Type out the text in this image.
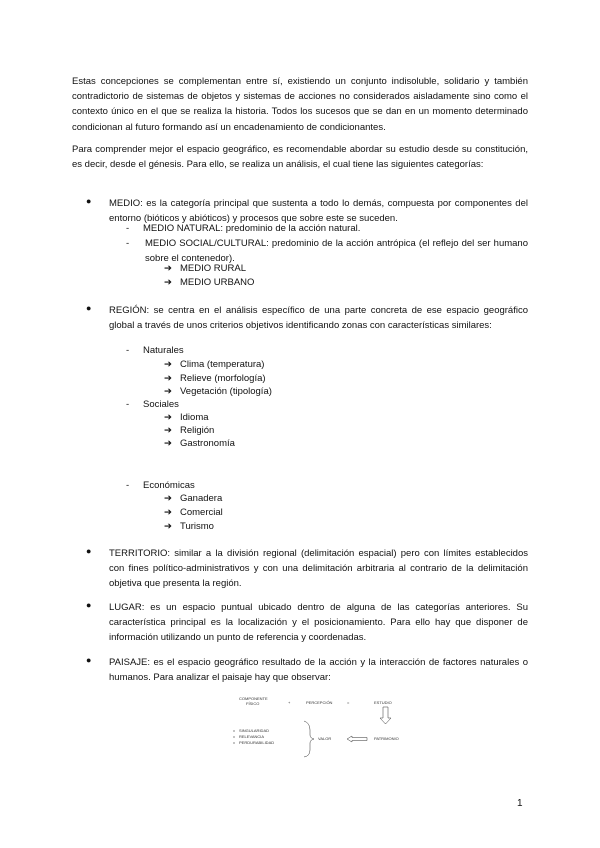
Estas concepciones se complementan entre sí, existiendo un conjunto indisoluble, solidario y también contradictorio de sistemas de objetos y sistemas de acciones no considerados aisladamente sino como el contexto único en el que se realiza la historia. Todos los sucesos que se dan en un momento determinado condicionan al futuro formando así un encadenamiento de condicionantes.
Para comprender mejor el espacio geográfico, es recomendable abordar su estudio desde su constitución, es decir, desde el génesis. Para ello, se realiza un análisis, el cual tiene las siguientes categorías:
●	MEDIO: es la categoría principal que sustenta a todo lo demás, compuesta por componentes del entorno (bióticos y abióticos) y procesos que sobre este se suceden.
- MEDIO NATURAL: predominio de la acción natural.
- MEDIO SOCIAL/CULTURAL: predominio de la acción antrópica (el reflejo del ser humano sobre el contenedor).
➔ MEDIO RURAL
➔ MEDIO URBANO
●	REGIÓN: se centra en el análisis específico de una parte concreta de ese espacio geográfico global a través de unos criterios objetivos identificando zonas con características similares:
- Naturales
➔ Clima (temperatura)
➔ Relieve (morfología)
➔ Vegetación (tipología)
- Sociales
➔ Idioma
➔ Religión
➔ Gastronomía
- Económicas
➔ Ganadera
➔ Comercial
➔ Turismo
●	TERRITORIO: similar a la división regional (delimitación espacial) pero con límites establecidos con fines político-administrativos y con una delimitación arbitraria al contrario de la delimitación objetiva que presenta la región.
●	LUGAR: es un espacio puntual ubicado dentro de alguna de las categorías anteriores. Su característica principal es la localización y el posicionamiento. Para ello hay que disponer de información utilizando un punto de referencia y coordenadas.
●	PAISAJE: es el espacio geográfico resultado de la acción y la interacción de factores naturales o humanos. Para analizar el paisaje hay que observar:
COMPONENTE
FÍSICO	+	PERCEPCIÓN	=	ESTUDIO
SINGULARIDAD
RELEVANCIA
PERDURABILIDAD
VALOR	PATRIMONIO
1
